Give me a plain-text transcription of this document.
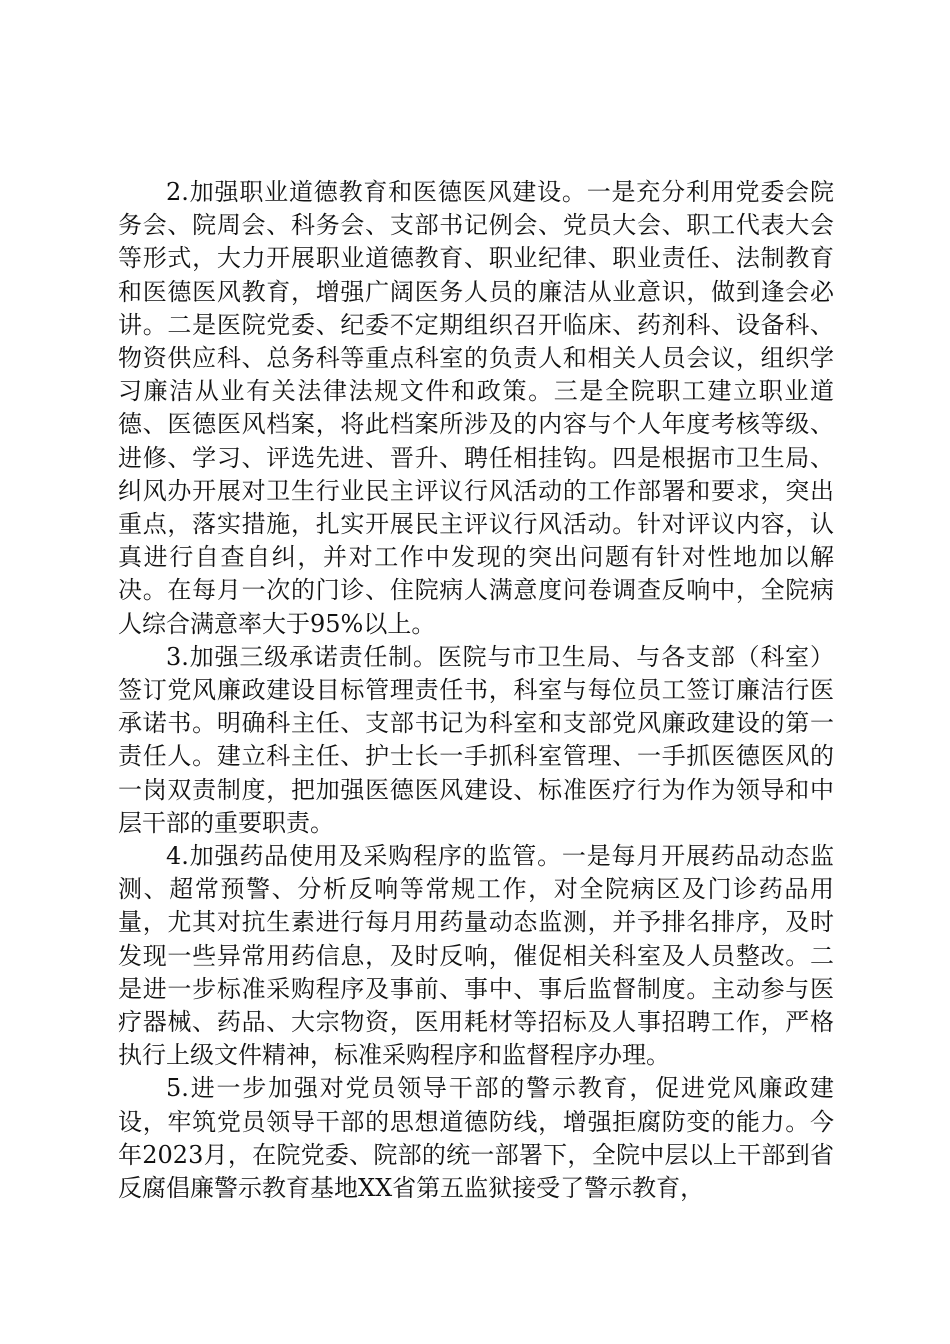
2.加强职业道德教育和医德医风建设。一是充分利用党委会院务会、院周会、科务会、支部书记例会、党员大会、职工代表大会等形式，大力开展职业道德教育、职业纪律、职业责任、法制教育和医德医风教育，增强广阔医务人员的廉洁从业意识，做到逢会必讲。二是医院党委、纪委不定期组织召开临床、药剂科、设备科、物资供应科、总务科等重点科室的负责人和相关人员会议，组织学习廉洁从业有关法律法规文件和政策。三是全院职工建立职业道德、医德医风档案，将此档案所涉及的内容与个人年度考核等级、进修、学习、评选先进、晋升、聘任相挂钩。四是根据市卫生局、纠风办开展对卫生行业民主评议行风活动的工作部署和要求，突出重点，落实措施，扎实开展民主评议行风活动。针对评议内容，认真进行自查自纠，并对工作中发现的突出问题有针对性地加以解决。在每月一次的门诊、住院病人满意度问卷调查反响中，全院病人综合满意率大于95%以上。

3.加强三级承诺责任制。医院与市卫生局、与各支部（科室）签订党风廉政建设目标管理责任书，科室与每位员工签订廉洁行医承诺书。明确科主任、支部书记为科室和支部党风廉政建设的第一责任人。建立科主任、护士长一手抓科室管理、一手抓医德医风的一岗双责制度，把加强医德医风建设、标准医疗行为作为领导和中层干部的重要职责。

4.加强药品使用及采购程序的监管。一是每月开展药品动态监测、超常预警、分析反响等常规工作，对全院病区及门诊药品用量，尤其对抗生素进行每月用药量动态监测，并予排名排序，及时发现一些异常用药信息，及时反响，催促相关科室及人员整改。二是进一步标准采购程序及事前、事中、事后监督制度。主动参与医疗器械、药品、大宗物资，医用耗材等招标及人事招聘工作，严格执行上级文件精神，标准采购程序和监督程序办理。

5.进一步加强对党员领导干部的警示教育，促进党风廉政建设，牢筑党员领导干部的思想道德防线，增强拒腐防变的能力。今年2023月，在院党委、院部的统一部署下，全院中层以上干部到省反腐倡廉警示教育基地XX省第五监狱接受了警示教育，
